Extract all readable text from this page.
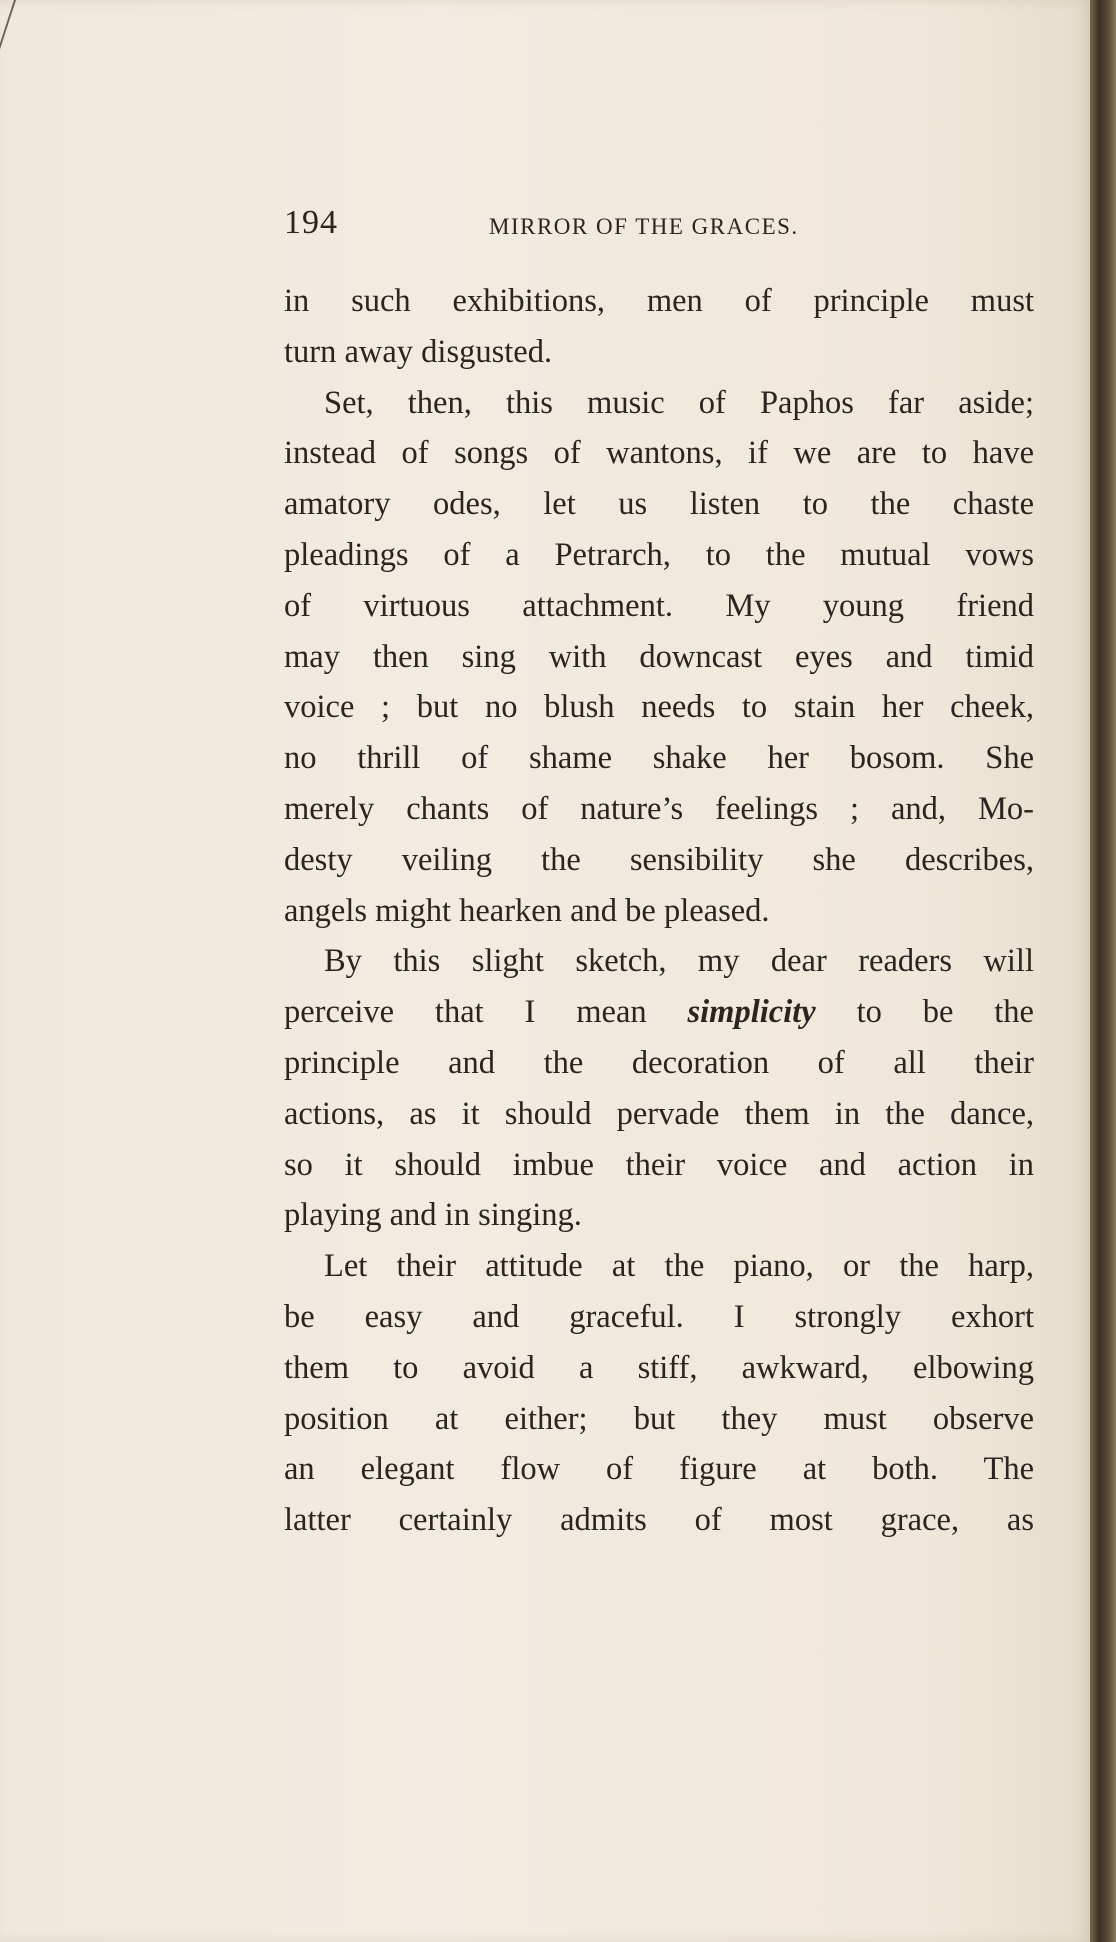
194	MIRROR OF THE GRACES.
in such exhibitions, men of principle must
turn away disgusted.
Set, then, this music of Paphos far aside;
instead of songs of wantons, if we are to have
amatory odes, let us listen to the chaste
pleadings of a Petrarch, to the mutual vows
of virtuous attachment. My young friend
may then sing with downcast eyes and timid
voice ; but no blush needs to stain her cheek,
no thrill of shame shake her bosom. She
merely chants of nature’s feelings ; and, Mo-
desty veiling the sensibility she describes,
angels might hearken and be pleased.
By this slight sketch, my dear readers will
perceive that I mean simplicity to be the
principle and the decoration of all their
actions, as it should pervade them in the dance,
so it should imbue their voice and action in
playing and in singing.
Let their attitude at the piano, or the harp,
be easy and graceful. I strongly exhort
them to avoid a stiff, awkward, elbowing
position at either; but they must observe
an elegant flow of figure at both. The
latter certainly admits of most grace, as
